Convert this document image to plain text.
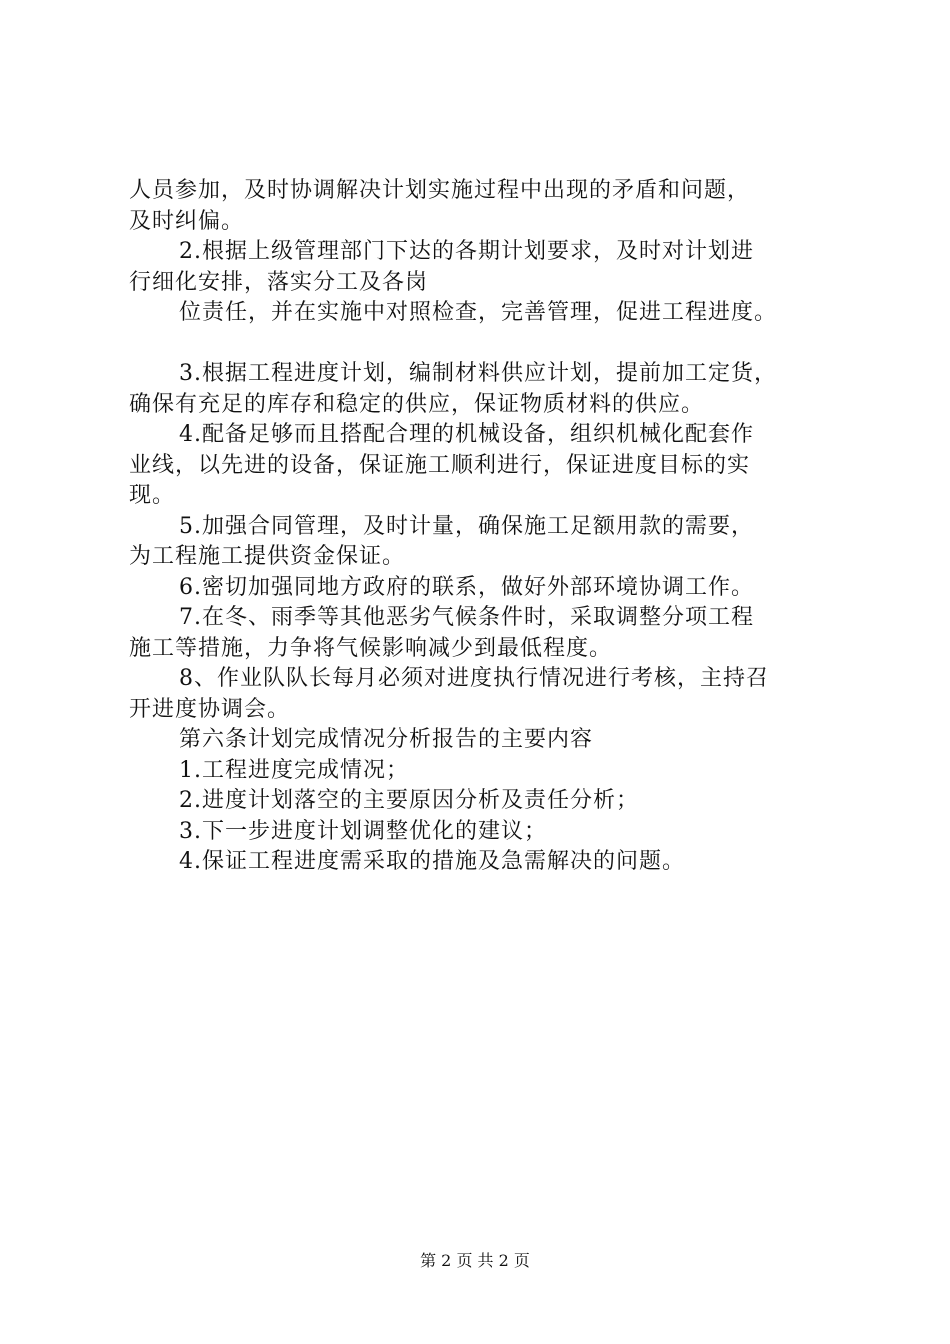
人员参加，及时协调解决计划实施过程中出现的矛盾和问题，
及时纠偏。
2.根据上级管理部门下达的各期计划要求，及时对计划进
行细化安排，落实分工及各岗
位责任，并在实施中对照检查，完善管理，促进工程进度。
3.根据工程进度计划，编制材料供应计划，提前加工定货，
确保有充足的库存和稳定的供应，保证物质材料的供应。
4.配备足够而且搭配合理的机械设备，组织机械化配套作
业线，以先进的设备，保证施工顺利进行，保证进度目标的实
现。
5.加强合同管理，及时计量，确保施工足额用款的需要，
为工程施工提供资金保证。
6.密切加强同地方政府的联系，做好外部环境协调工作。
7.在冬、雨季等其他恶劣气候条件时，采取调整分项工程
施工等措施，力争将气候影响减少到最低程度。
8、作业队队长每月必须对进度执行情况进行考核，主持召
开进度协调会。
第六条计划完成情况分析报告的主要内容
1.工程进度完成情况；
2.进度计划落空的主要原因分析及责任分析；
3.下一步进度计划调整优化的建议；
4.保证工程进度需采取的措施及急需解决的问题。
第 2 页 共 2 页
